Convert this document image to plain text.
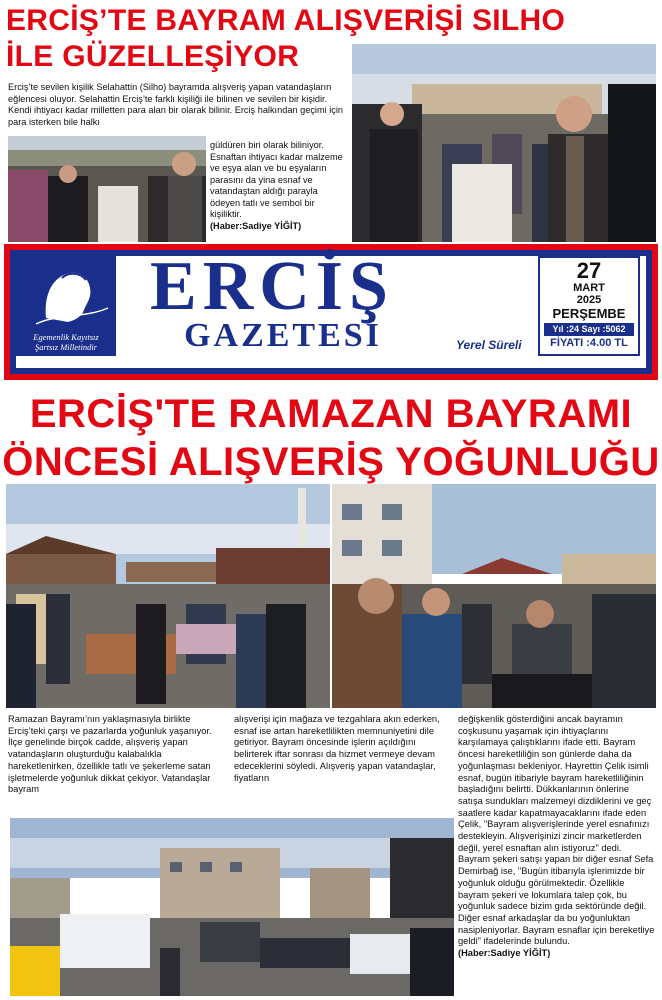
ERCİŞ’TE BAYRAM ALIŞVERİŞİ SILHO
İLE GÜZELLEŞİYOR
Erciş’te sevilen kişilik Selahattin (Silho) bayramda alışveriş yapan vatandaşların eğlencesi oluyor. Selahattin Erciş’te farklı kişiliği ile bilinen ve sevilen bir kişidir. Kendi ihtiyacı kadar milletten para alan bir olarak bilinir. Erciş halkından geçimi için para isterken bile halkı
güldüren biri olarak biliniyor. Esnaftan ihtiyacı kadar malzeme ve eşya alan ve bu eşyaların parasını da yina esnaf ve vatandaştan aldığı parayla ödeyen tatlı ve sembol bir kişiliktir.
(Haber:Sadiye YİĞİT)
Egemenlik Kayıtsız
Şartsız Milletindir
ERCİŞ
GAZETESİ	Yerel Süreli
27
MART
2025
PERŞEMBE
Yıl :24 Sayı :5062
FİYATI :4.00 TL
ERCİŞ'TE RAMAZAN BAYRAMI
ÖNCESİ ALIŞVERİŞ YOĞUNLUĞU
Ramazan Bayramı’nın yaklaşmasıyla birlikte Erciş’teki çarşı ve pazarlarda yoğunluk yaşanıyor. İlçe genelinde birçok cadde, alışveriş yapan vatandaşların oluşturduğu kalabalıkla hareketlenirken, özellikle tatlı ve şekerleme satan işletmelerde yoğunluk dikkat çekiyor. Vatandaşlar bayram
alışverişi için mağaza ve tezgahlara akın ederken, esnaf ise artan hareketlilikten memnuniyetini dile getiriyor. Bayram öncesinde işlerin açıldığını belirterek iftar sonrası da hizmet vermeye devam edeceklerini söyledi. Alışveriş yapan vatandaşlar, fiyatların
değişkenlik gösterdiğini ancak bayramın coşkusunu yaşamak için ihtiyaçlarını karşılamaya çalıştıklarını ifade etti. Bayram öncesi hareketliliğin son günlerde daha da yoğunlaşması bekleniyor. Hayrettin Çelik isimli esnaf, bugün itibariyle bayram hareketliliğinin başladığını belirtti. Dükkanlarının önlerine satışa sundukları malzemeyi dizdiklerini ve geç saatlere kadar kapatmayacaklarını ifade eden Çelik, "Bayram alışverişlerinde yerel esnafınızı destekleyin. Alışverişinizi zincir marketlerden değil, yerel esnaftan alın istiyoruz" dedi. Bayram şekeri satışı yapan bir diğer esnaf Sefa Demirbağ ise, "Bugün itibarıyla işlerimizde bir yoğunluk olduğu görülmektedir. Özellikle bayram şekeri ve lokumlara talep çok, bu yoğunluk sadece bizim gıda sektöründe değil. Diğer esnaf arkadaşlar da bu yoğunluktan nasipleniyorlar. Bayram esnaflar için bereketliye geldi" ifadelerinde bulundu.
(Haber:Sadiye YİĞİT)
